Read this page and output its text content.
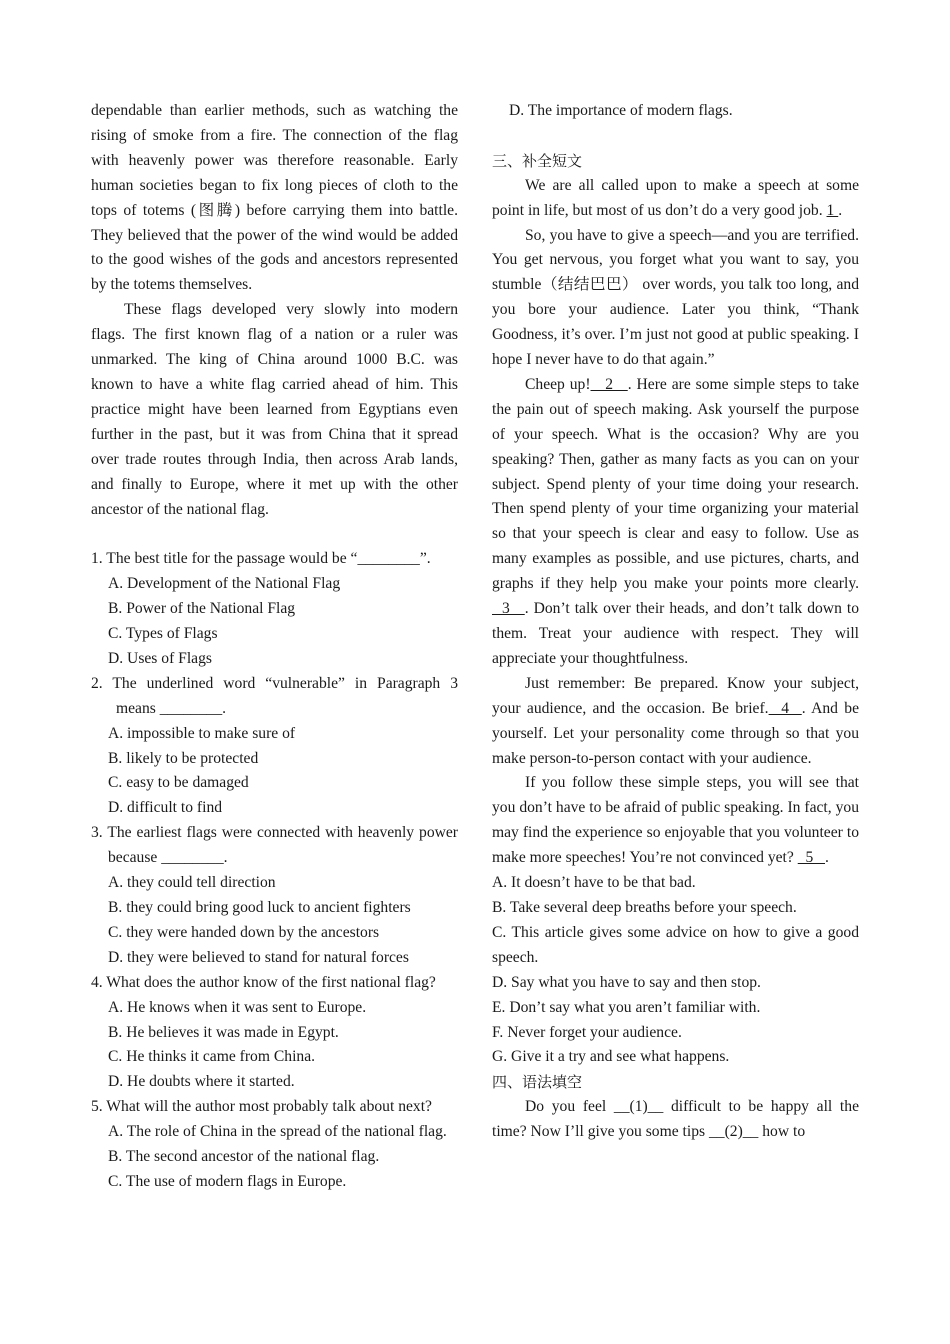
dependable than earlier methods, such as watching the rising of smoke from a fire. The connection of the flag with heavenly power was therefore reasonable. Early human societies began to fix long pieces of cloth to the tops of totems (图腾) before carrying them into battle. They believed that the power of the wind would be added to the good wishes of the gods and ancestors represented by the totems themselves.

These flags developed very slowly into modern flags. The first known flag of a nation or a ruler was unmarked. The king of China around 1000 B.C. was known to have a white flag carried ahead of him. This practice might have been learned from Egyptians even further in the past, but it was from China that it spread over trade routes through India, then across Arab lands, and finally to Europe, where it met up with the other ancestor of the national flag.

1. The best title for the passage would be “________”.

A. Development of the National Flag

B. Power of the National Flag

C. Types of Flags

D. Uses of Flags

2. The underlined word “vulnerable” in Paragraph 3 means ________.

A. impossible to make sure of

B. likely to be protected

C. easy to be damaged

D. difficult to find

3. The earliest flags were connected with heavenly power because ________.

A. they could tell direction

B. they could bring good luck to ancient fighters

C. they were handed down by the ancestors

D. they were believed to stand for natural forces

4. What does the author know of the first national flag?

A. He knows when it was sent to Europe.

B. He believes it was made in Egypt.

C. He thinks it came from China.

D. He doubts where it started.

5. What will the author most probably talk about next?

A. The role of China in the spread of the national flag.

B. The second ancestor of the national flag.

C. The use of modern flags in Europe.

D. The importance of modern flags.

三、补全短文

We are all called upon to make a speech at some point in life, but most of us don’t do a very good job. 1 .

So, you have to give a speech—and you are terrified. You get nervous, you forget what you want to say, you stumble（结结巴巴） over words, you talk too long, and you bore your audience. Later you think, “Thank Goodness, it’s over. I’m just not good at public speaking. I hope I never have to do that again.”

Cheep up!   2   . Here are some simple steps to take the pain out of speech making. Ask yourself the purpose of your speech. What is the occasion? Why are you speaking? Then, gather as many facts as you can on your subject. Spend plenty of your time doing your research. Then spend plenty of your time organizing your material so that your speech is clear and easy to follow. Use as many examples as possible, and use pictures, charts, and graphs if they help you make your points more clearly.   3   . Don’t talk over their heads, and don’t talk down to them. Treat your audience with respect. They will appreciate your thoughtfulness.

Just remember: Be prepared. Know your subject, your audience, and the occasion. Be brief.  4  . And be yourself. Let your personality come through so that you make person-to-person contact with your audience.

If you follow these simple steps, you will see that you don’t have to be afraid of public speaking. In fact, you may find the experience so enjoyable that you volunteer to make more speeches! You’re not convinced yet?   5   .

A. It doesn’t have to be that bad.

B. Take several deep breaths before your speech.

C. This article gives some advice on how to give a good speech.

D. Say what you have to say and then stop.

E. Don’t say what you aren’t familiar with.

F. Never forget your audience.

G. Give it a try and see what happens.

四、语法填空

Do you feel __(1)__ difficult to be happy all the time? Now I’ll give you some tips __(2)__ how to
